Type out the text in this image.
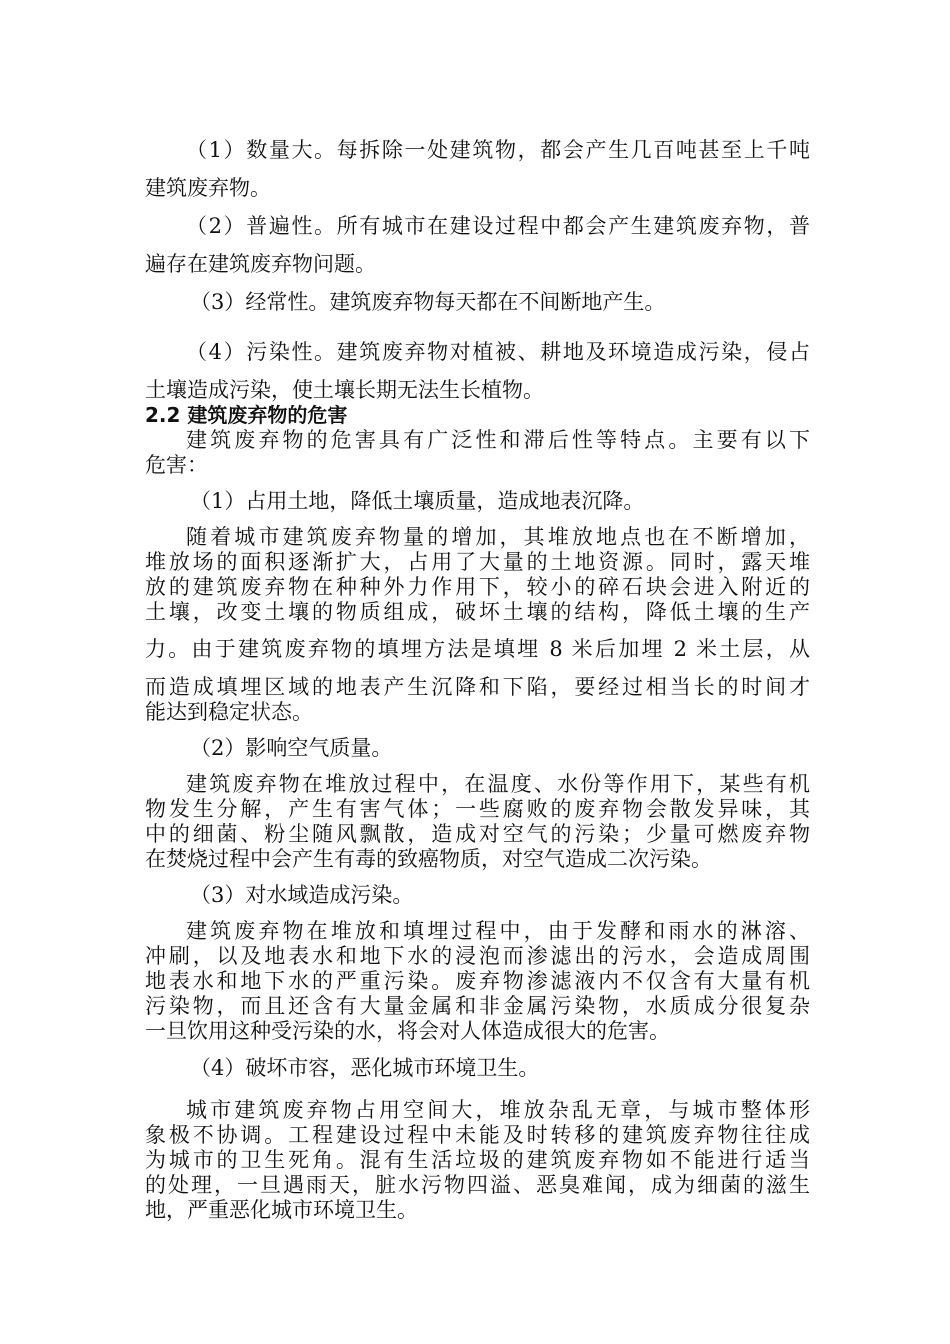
（1）数量大。每拆除一处建筑物，都会产生几百吨甚至上千吨
建筑废弃物。
（2）普遍性。所有城市在建设过程中都会产生建筑废弃物，普
遍存在建筑废弃物问题。
（3）经常性。建筑废弃物每天都在不间断地产生。
（4）污染性。建筑废弃物对植被、耕地及环境造成污染，侵占
土壤造成污染，使土壤长期无法生长植物。
2.2 建筑废弃物的危害
建筑废弃物的危害具有广泛性和滞后性等特点。主要有以下
危害：
（1）占用土地，降低土壤质量，造成地表沉降。
随着城市建筑废弃物量的增加，其堆放地点也在不断增加，
堆放场的面积逐渐扩大，占用了大量的土地资源。同时，露天堆
放的建筑废弃物在种种外力作用下，较小的碎石块会进入附近的
土壤，改变土壤的物质组成，破坏土壤的结构，降低土壤的生产
力。由于建筑废弃物的填埋方法是填埋 8 米后加埋 2 米土层，从
而造成填埋区域的地表产生沉降和下陷，要经过相当长的时间才
能达到稳定状态。
（2）影响空气质量。
建筑废弃物在堆放过程中，在温度、水份等作用下，某些有机
物发生分解，产生有害气体；一些腐败的废弃物会散发异味，其
中的细菌、粉尘随风飘散，造成对空气的污染；少量可燃废弃物
在焚烧过程中会产生有毒的致癌物质，对空气造成二次污染。
（3）对水域造成污染。
建筑废弃物在堆放和填埋过程中，由于发酵和雨水的淋溶、
冲刷，以及地表水和地下水的浸泡而渗滤出的污水，会造成周围
地表水和地下水的严重污染。废弃物渗滤液内不仅含有大量有机
污染物，而且还含有大量金属和非金属污染物，水质成分很复杂
一旦饮用这种受污染的水，将会对人体造成很大的危害。
（4）破坏市容，恶化城市环境卫生。
城市建筑废弃物占用空间大，堆放杂乱无章，与城市整体形
象极不协调。工程建设过程中未能及时转移的建筑废弃物往往成
为城市的卫生死角。混有生活垃圾的建筑废弃物如不能进行适当
的处理，一旦遇雨天，脏水污物四溢、恶臭难闻，成为细菌的滋生
地，严重恶化城市环境卫生。
